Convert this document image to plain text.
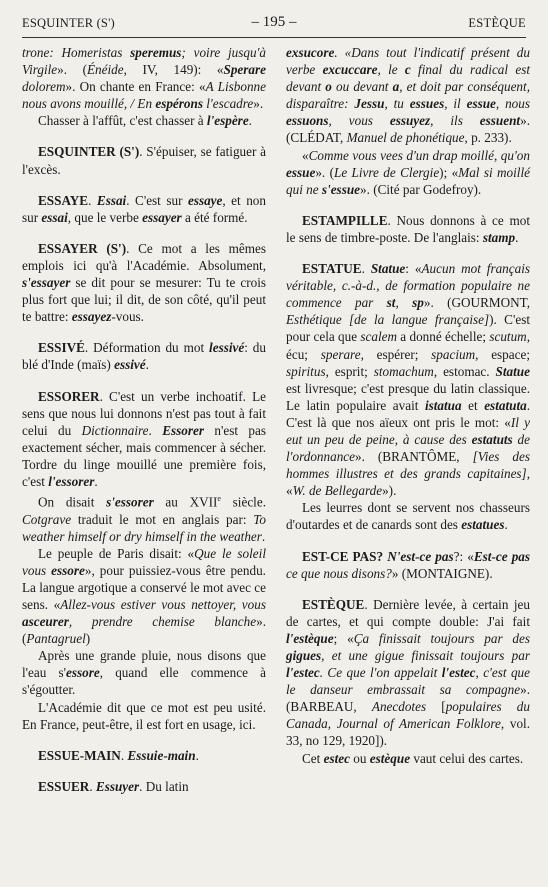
ESQUINTER (S')	– 195 –	ESTÈQUE

trone: Homeristas speremus; voire jusqu'à Virgile». (Énéide, IV, 149): «Sperare dolorem». On chante en France: «A Lisbonne nous avons mouillé, / En espérons l'escadre».

Chasser à l'affût, c'est chasser à l'espère.

ESQUINTER (S'). S'épuiser, se fatiguer à l'excès.

ESSAYE. Essai. C'est sur essaye, et non sur essai, que le verbe essayer a été formé.

ESSAYER (S'). Ce mot a les mêmes emplois ici qu'à l'Académie. Absolument, s'essayer se dit pour se mesurer: Tu te crois plus fort que lui; il dit, de son côté, qu'il peut te battre: essayez-vous.

ESSIVÉ. Déformation du mot lessivé: du blé d'Inde (maïs) essivé.

ESSORER. C'est un verbe inchoatif. Le sens que nous lui donnons n'est pas tout à fait celui du Dictionnaire. Essorer n'est pas exactement sécher, mais commencer à sécher. Tordre du linge mouillé une première fois, c'est l'essorer.

On disait s'essorer au XVIIe siècle. Cotgrave traduit le mot en anglais par: To weather himself or dry himself in the weather.

Le peuple de Paris disait: «Que le soleil vous essore», pour puissiez-vous être pendu. La langue argotique a conservé le mot avec ce sens. «Allez-vous estiver vous nettoyer, vous asceurer, prendre chemise blanche». (Pantagruel)

Après une grande pluie, nous disons que l'eau s'essore, quand elle commence à s'égoutter.

L'Académie dit que ce mot est peu usité. En France, peut-être, il est fort en usage, ici.

ESSUE-MAIN. Essuie-main.

ESSUER. Essuyer. Du latin

exsucore. «Dans tout l'indicatif présent du verbe excuccare, le c final du radical est devant o ou devant a, et doit par conséquent, disparaître: Jessu, tu essues, il essue, nous essuons, vous essuyez, ils essuent». (CLÉDAT, Manuel de phonétique, p. 233).

«Comme vous vees d'un drap moillé, qu'on essue». (Le Livre de Clergie); «Mal si moillé qui ne s'essue». (Cité par Godefroy).

ESTAMPILLE. Nous donnons à ce mot le sens de timbre-poste. De l'anglais: stamp.

ESTATUE. Statue: «Aucun mot français véritable, c.-à-d., de formation populaire ne commence par st, sp». (GOURMONT, Esthétique [de la langue française]). C'est pour cela que scalem a donné échelle; scutum, écu; sperare, espérer; spacium, espace; spiritus, esprit; stomachum, estomac. Statue est livresque; c'est presque du latin classique. Le latin populaire avait istatua et estatuta. C'est là que nos aïeux ont pris le mot: «Il y eut un peu de peine, à cause des estatuts de l'ordonnance». (BRANTÔME, [Vies des hommes illustres et des grands capitaines], «W. de Bellegarde»).

Les leurres dont se servent nos chasseurs d'outardes et de canards sont des estatues.

EST-CE PAS? N'est-ce pas?: «Est-ce pas ce que nous disons?» (MONTAIGNE).

ESTÈQUE. Dernière levée, à certain jeu de cartes, et qui compte double: J'ai fait l'estèque; «Ça finissait toujours par des gigues, et une gigue finissait toujours par l'estec. Ce que l'on appelait l'estec, c'est que le danseur embrassait sa compagne». (BARBEAU, Anecdotes [populaires du Canada, Journal of American Folklore, vol. 33, no 129, 1920]).

Cet estec ou estèque vaut celui des cartes.
